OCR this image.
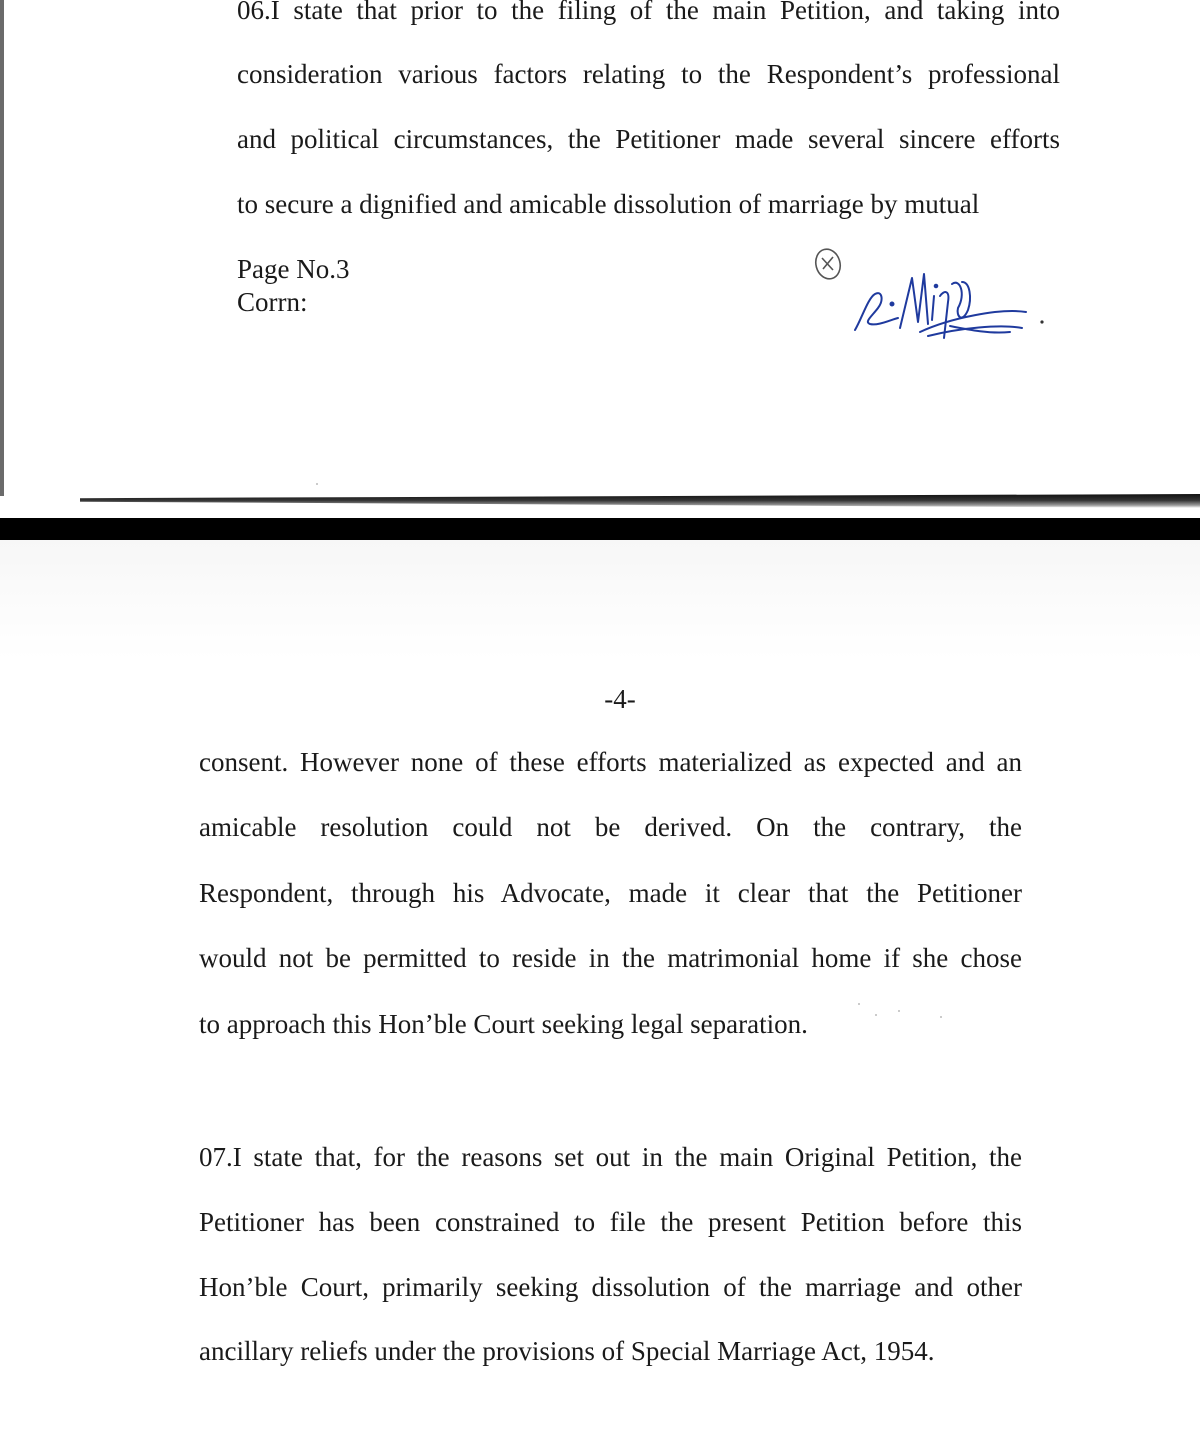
06.I state that prior to the filing of the main Petition, and taking into
consideration various factors relating to the Respondent’s professional
and political circumstances, the Petitioner made several sincere efforts
to secure a dignified and amicable dissolution of marriage by mutual
Page No.3
Corrn:
-4-
consent. However none of these efforts materialized as expected and an
amicable resolution could not be derived. On the contrary, the
Respondent, through his Advocate, made it clear that the Petitioner
would not be permitted to reside in the matrimonial home if she chose
to approach this Hon’ble Court seeking legal separation.
07.I state that, for the reasons set out in the main Original Petition, the
Petitioner has been constrained to file the present Petition before this
Hon’ble Court, primarily seeking dissolution of the marriage and other
ancillary reliefs under the provisions of Special Marriage Act, 1954.
